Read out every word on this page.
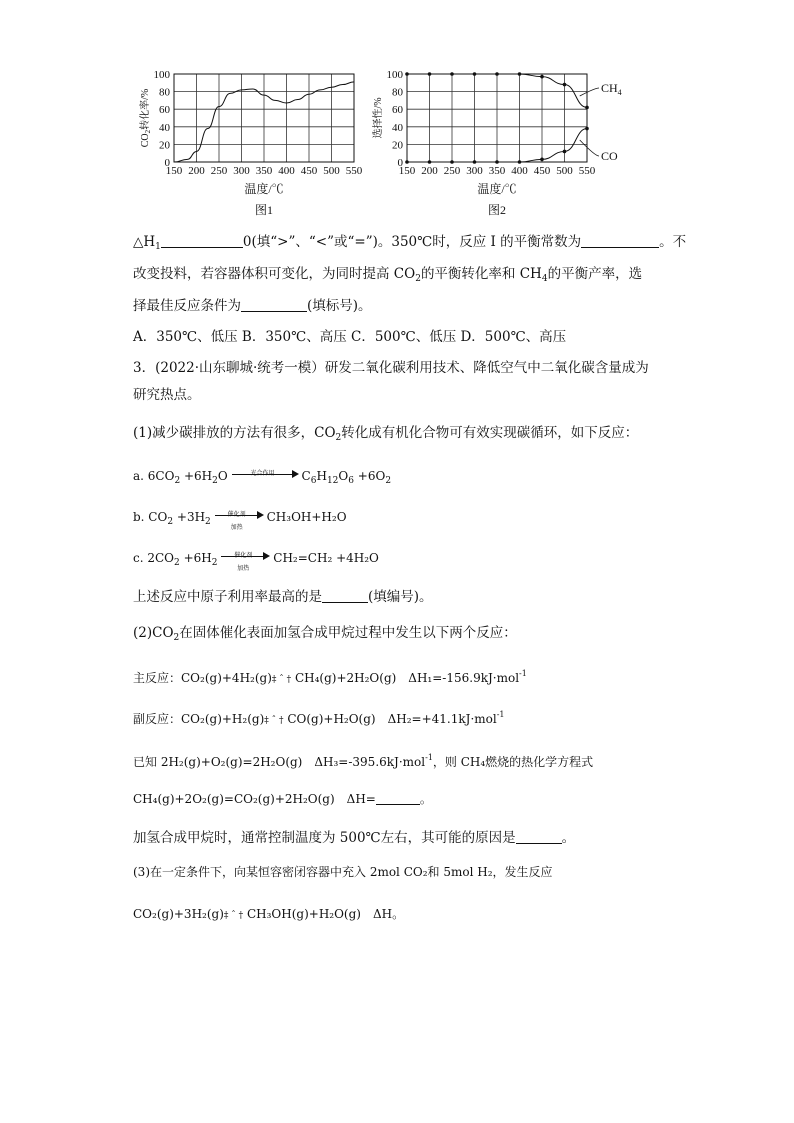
150 200 250 300 350 400 450 500 550
0
20
40
60
80
100
温度/℃
图1
$CO_2$转化率/%
150 200 250 300 350 400 450 500 550
0
20
40
60
80
100
$CH_4$
CO
温度/℃
图2
选择性/%
$\triangle H_1$	0(填“>”、“<”或“=”)。350℃时，反应 I 的平衡常数为	。不
改变投料，若容器体积可变化，为同时提高 $CO_2$的平衡转化率和 $CH_4$的平衡产率，选
择最佳反应条件为	(填标号)。
A．350℃、低压 B．350℃、高压 C．500℃、低压 D．500℃、高压
3．(2022·山东聊城·统考一模）研发二氧化碳利用技术、降低空气中二氧化碳含量成为
研究热点。
(1)减少碳排放的方法有很多，$CO_2$转化成有机化合物可有效实现碳循环，如下反应：
a. $6CO_2 +6H_2O$	光合作用	$C_6H_{12}O_6 +6O_2$
b. $CO_2 +3H_2$
催化剂
加热
CH₃OH+H₂O
c. $2CO_2 +6H_2$
催化剂
加热
CH₂=CH₂ +4H₂O
上述反应中原子利用率最高的是	(填编号)。
$(2)CO_2$在固体催化表面加氢合成甲烷过程中发生以下两个反应：
主反应：CO₂(g)+4H₂(g)‡ ˆ † CH₄(g)+2H₂O(g)　ΔH₁=-156.9kJ·mol$^{-1}$
副反应：CO₂(g)+H₂(g)‡ ˆ † CO(g)+H₂O(g)　ΔH₂=+41.1kJ·mol$^{-1}$
已知 2H₂(g)+O₂(g)=2H₂O(g)　ΔH₃=-395.6kJ·mol$^{-1}$，则 CH₄燃烧的热化学方程式
CH₄(g)+2O₂(g)=CO₂(g)+2H₂O(g)　ΔH=	。
加氢合成甲烷时，通常控制温度为 500℃左右，其可能的原因是	。
(3)在一定条件下，向某恒容密闭容器中充入 2mol CO₂和 5mol H₂，发生反应
CO₂(g)+3H₂(g)‡ ˆ † CH₃OH(g)+H₂O(g)　ΔH。
